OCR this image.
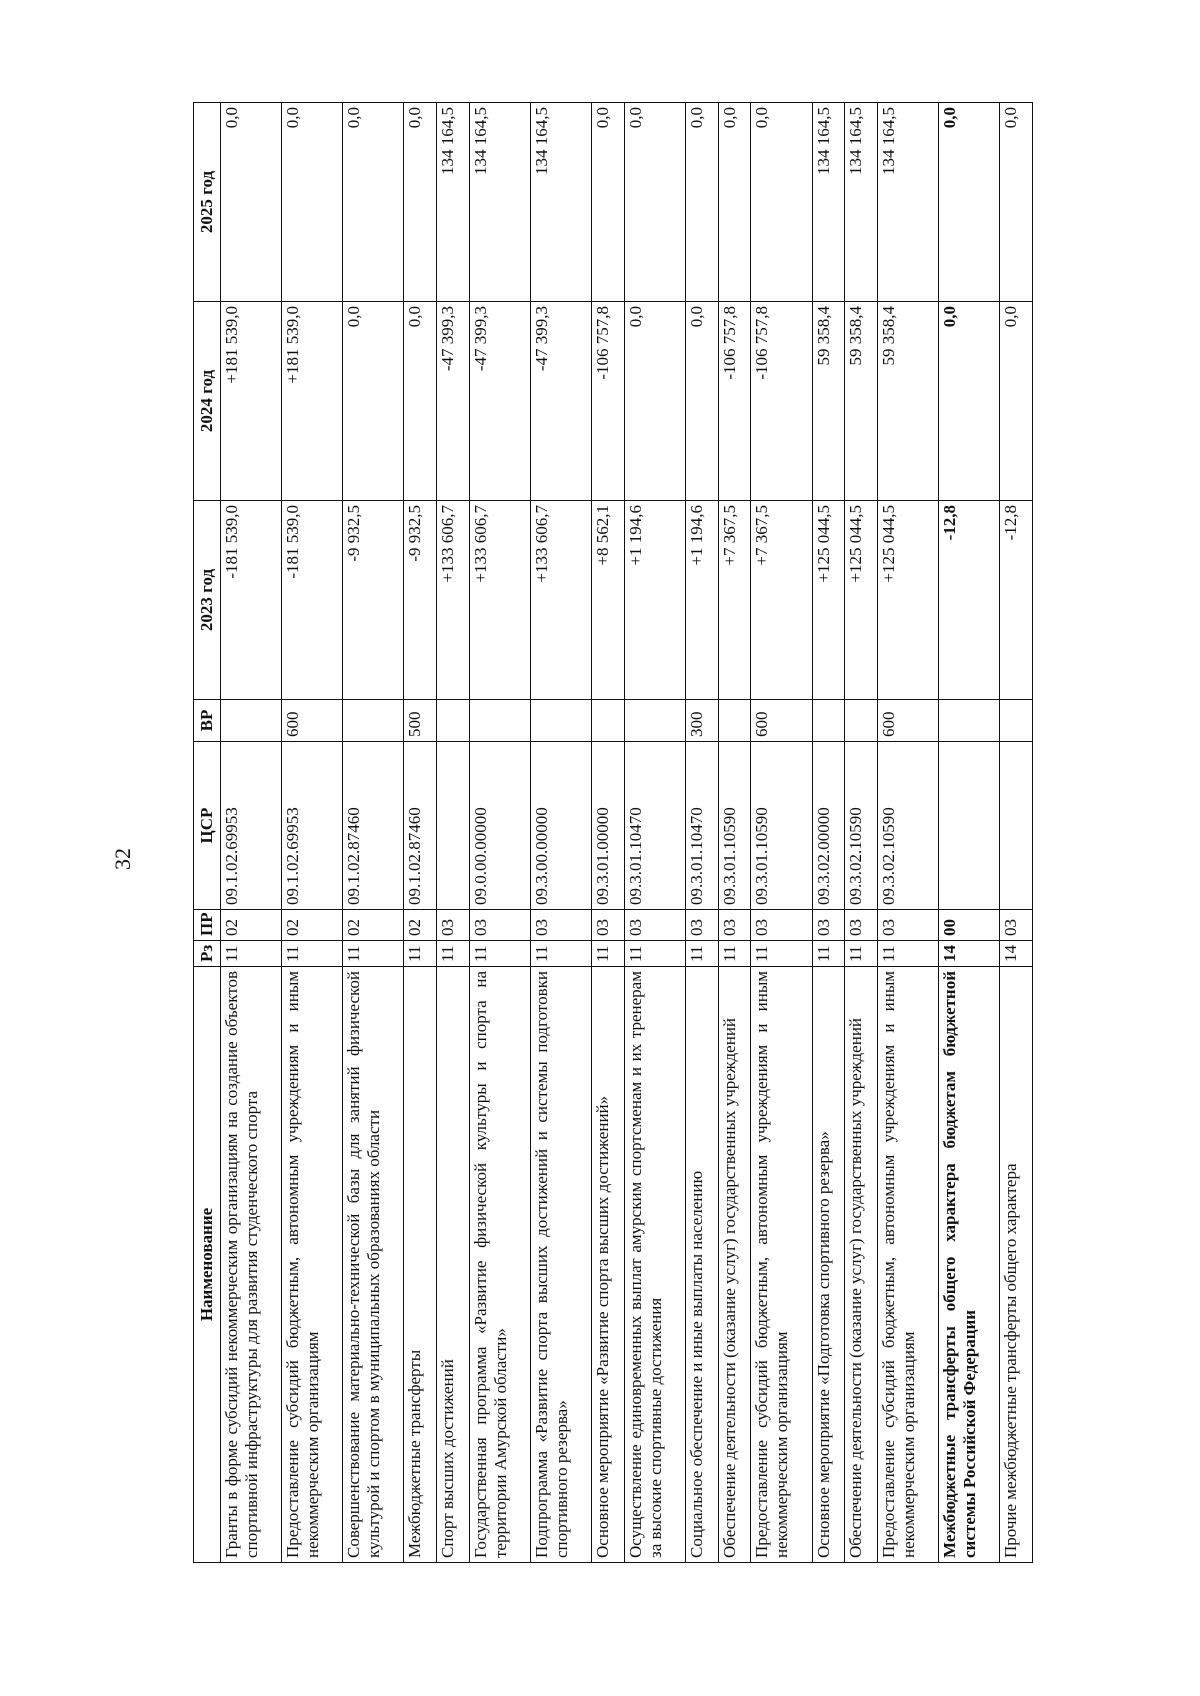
32
Наименование	Рз	ПР	ЦСР	ВР	2023 год	2024 год	2025 год
Гранты в форме субсидий некоммерческим организациям на создание объектов спортивной инфраструктуры для развития студенческого спорта	11	02	09.1.02.69953		-181 539,0	+181 539,0	0,0
Предоставление субсидий бюджетным, автономным учреждениям и иным некоммерческим организациям	11	02	09.1.02.69953	600	-181 539,0	+181 539,0	0,0
Совершенствование материально-технической базы для занятий физической культурой и спортом в муниципальных образованиях области	11	02	09.1.02.87460		-9 932,5	0,0	0,0
Межбюджетные трансферты	11	02	09.1.02.87460	500	-9 932,5	0,0	0,0
Спорт высших достижений	11	03			+133 606,7	-47 399,3	134 164,5
Государственная программа «Развитие физической культуры и спорта на территории Амурской области»	11	03	09.0.00.00000		+133 606,7	-47 399,3	134 164,5
Подпрограмма «Развитие спорта высших достижений и системы подготовки спортивного резерва»	11	03	09.3.00.00000		+133 606,7	-47 399,3	134 164,5
Основное мероприятие «Развитие спорта высших достижений»	11	03	09.3.01.00000		+8 562,1	-106 757,8	0,0
Осуществление единовременных выплат амурским спортсменам и их тренерам за высокие спортивные достижения	11	03	09.3.01.10470		+1 194,6	0,0	0,0
Социальное обеспечение и иные выплаты населению	11	03	09.3.01.10470	300	+1 194,6	0,0	0,0
Обеспечение деятельности (оказание услуг) государственных учреждений	11	03	09.3.01.10590		+7 367,5	-106 757,8	0,0
Предоставление субсидий бюджетным, автономным учреждениям и иным некоммерческим организациям	11	03	09.3.01.10590	600	+7 367,5	-106 757,8	0,0
Основное мероприятие «Подготовка спортивного резерва»	11	03	09.3.02.00000		+125 044,5	59 358,4	134 164,5
Обеспечение деятельности (оказание услуг) государственных учреждений	11	03	09.3.02.10590		+125 044,5	59 358,4	134 164,5
Предоставление субсидий бюджетным, автономным учреждениям и иным некоммерческим организациям	11	03	09.3.02.10590	600	+125 044,5	59 358,4	134 164,5
Межбюджетные трансферты общего характера бюджетам бюджетной системы Российской Федерации	14	00			-12,8	0,0	0,0
Прочие межбюджетные трансферты общего характера	14	03			-12,8	0,0	0,0
